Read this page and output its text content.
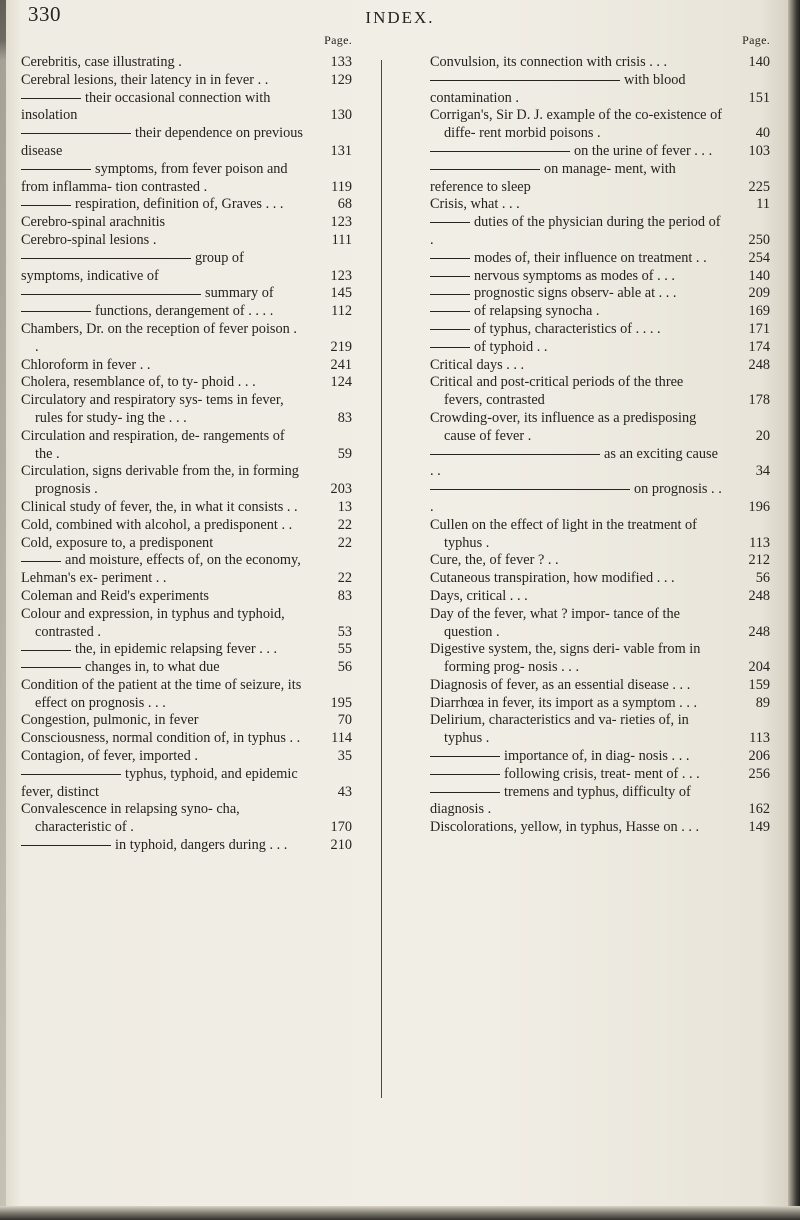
330	INDEX.
Page.
Cerebritis, case illustrating .	133
Cerebral lesions, their latency in in fever . .	129
their occasional connection with insolation	130
their dependence on previous disease	131
symptoms, from fever poison and from inflamma- tion contrasted .	119
respiration, definition of, Graves . . .	68
Cerebro-spinal arachnitis	123
Cerebro-spinal lesions .	111
group of symptoms, indicative of	123
summary of	145
functions, derangement of . . . .	112
Chambers, Dr. on the reception of fever poison . .	219
Chloroform in fever . .	241
Cholera, resemblance of, to ty- phoid . . .	124
Circulatory and respiratory sys- tems in fever, rules for study- ing the . . .	83
Circulation and respiration, de- rangements of the .	59
Circulation, signs derivable from the, in forming prognosis .	203
Clinical study of fever, the, in what it consists . .	13
Cold, combined with alcohol, a predisponent . .	22
Cold, exposure to, a predisponent	22
and moisture, effects of, on the economy, Lehman's ex- periment . .	22
Coleman and Reid's experiments	83
Colour and expression, in typhus and typhoid, contrasted .	53
the, in epidemic relapsing fever . . .	55
changes in, to what due	56
Condition of the patient at the time of seizure, its effect on prognosis . . .	195
Congestion, pulmonic, in fever	70
Consciousness, normal condition of, in typhus . .	114
Contagion, of fever, imported .	35
typhus, typhoid, and epidemic fever, distinct	43
Convalescence in relapsing syno- cha, characteristic of .	170
in typhoid, dangers during . . .	210
Page.
Convulsion, its connection with crisis . . .	140
with blood contamination .	151
Corrigan's, Sir D. J. example of the co-existence of diffe- rent morbid poisons .	40
on the urine of fever . . .	103
on manage- ment, with reference to sleep	225
Crisis, what . . .	11
duties of the physician during the period of .	250
modes of, their influence on treatment . .	254
nervous symptoms as modes of . . .	140
prognostic signs observ- able at . . .	209
of relapsing synocha .	169
of typhus, characteristics of . . . .	171
of typhoid . .	174
Critical days . . .	248
Critical and post-critical periods of the three fevers, contrasted	178
Crowding-over, its influence as a predisposing cause of fever .	20
as an exciting cause . .	34
on prognosis . . .	196
Cullen on the effect of light in the treatment of typhus .	113
Cure, the, of fever ? . .	212
Cutaneous transpiration, how modified . . .	56
Days, critical . . .	248
Day of the fever, what ? impor- tance of the question .	248
Digestive system, the, signs deri- vable from in forming prog- nosis . . .	204
Diagnosis of fever, as an essential disease . . .	159
Diarrhœa in fever, its import as a symptom . . .	89
Delirium, characteristics and va- rieties of, in typhus .	113
importance of, in diag- nosis . . .	206
following crisis, treat- ment of . . .	256
tremens and typhus, difficulty of diagnosis .	162
Discolorations, yellow, in typhus, Hasse on . . .	149
